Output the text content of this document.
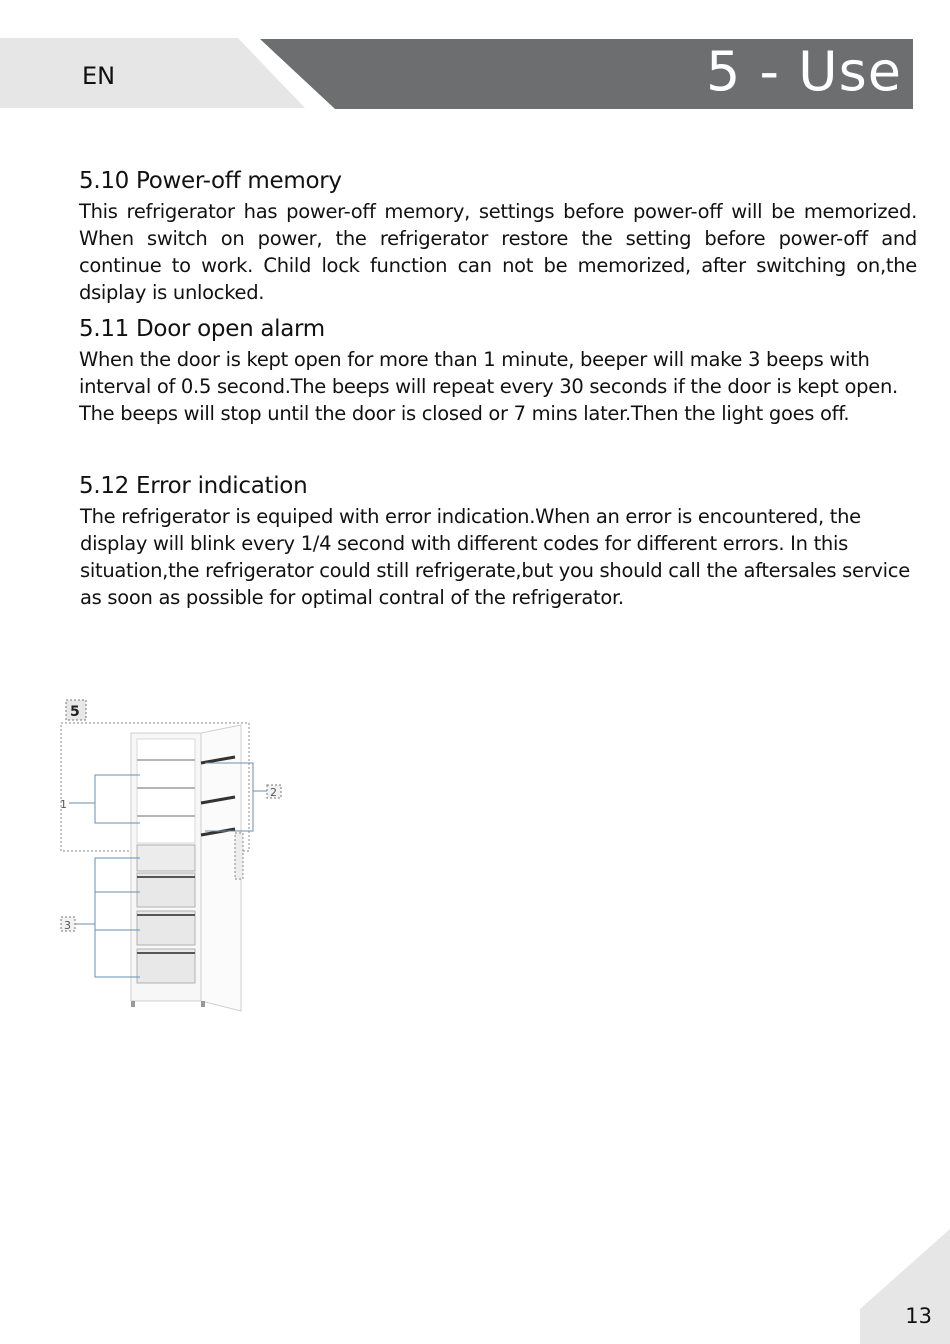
EN	5 - Use
5.10 Power-off memory

This refrigerator has power-off memory, settings before power-off will be memorized. When switch on power, the refrigerator restore the setting before power-off and continue to work. Child lock function can not be memorized, after switching on,the dsiplay is unlocked.

5.11 Door open alarm

When the door is kept open for more than 1 minute, beeper will make 3 beeps with interval of 0.5 second.The beeps will repeat every 30 seconds if the door is kept open. The beeps will stop until the door is closed or 7 mins later.Then the light goes off.

5.12 Error indication

The refrigerator is equiped with error indication.When an error is encountered, the display will blink every 1/4 second with different codes for different errors. In this situation,the refrigerator could still refrigerate,but you should call the aftersales service as soon as possible for optimal contral of the refrigerator.

5
1
2
3
13
